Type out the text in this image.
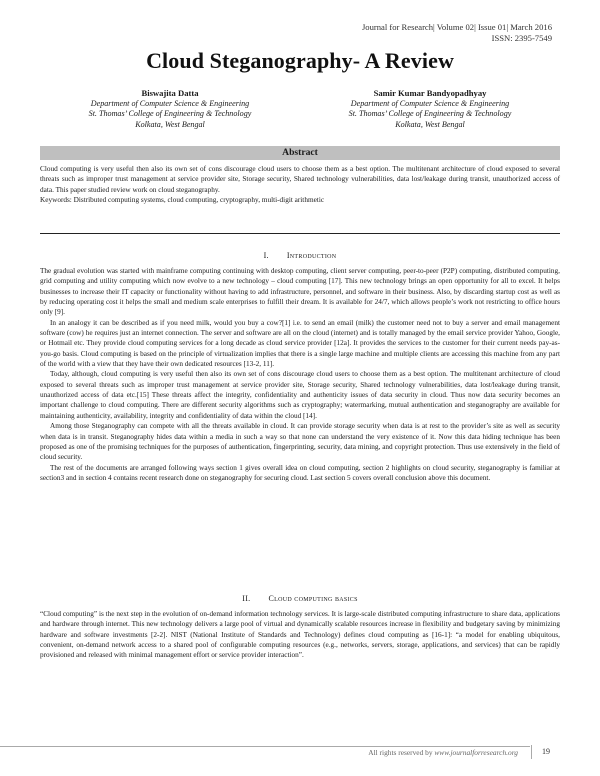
Journal for Research| Volume 02| Issue 01| March 2016
ISSN: 2395-7549
Cloud Steganography- A Review
Biswajita Datta
Department of Computer Science & Engineering
St. Thomas’ College of Engineering & Technology
Kolkata, West Bengal
Samir Kumar Bandyopadhyay
Department of Computer Science & Engineering
St. Thomas’ College of Engineering & Technology
Kolkata, West Bengal
Abstract

Cloud computing is very useful then also its own set of cons discourage cloud users to choose them as a best option. The multitenant architecture of cloud exposed to several threats such as improper trust management at service provider site, Storage security, Shared technology vulnerabilities, data lost/leakage during transit, unauthorized access of data. This paper studied review work on cloud steganography.

Keywords: Distributed computing systems, cloud computing, cryptography, multi-digit arithmetic

I. Introduction

The gradual evolution was started with mainframe computing continuing with desktop computing, client server computing, peer-to-peer (P2P) computing, distributed computing, grid computing and utility computing which now evolve to a new technology – cloud computing [17]. This new technology brings an open opportunity for all to excel. It helps businesses to increase their IT capacity or functionality without having to add infrastructure, personnel, and software in their business. Also, by discarding startup cost as well as by reducing operating cost it helps the small and medium scale enterprises to fulfill their dream. It is available for 24/7, which allows people’s work not restricting to office hours only [9].

In an analogy it can be described as if you need milk, would you buy a cow?[1] i.e. to send an email (milk) the customer need not to buy a server and email management software (cow) he requires just an internet connection. The server and software are all on the cloud (internet) and is totally managed by the email service provider Yahoo, Google, or Hotmail etc. They provide cloud computing services for a long decade as cloud service provider [12a]. It provides the services to the customer for their current needs pay-as-you-go basis. Cloud computing is based on the principle of virtualization implies that there is a single large machine and multiple clients are accessing this machine from any part of the world with a view that they have their own dedicated resources [13-2, 11].

Today, although, cloud computing is very useful then also its own set of cons discourage cloud users to choose them as a best option. The multitenant architecture of cloud exposed to several threats such as improper trust management at service provider site, Storage security, Shared technology vulnerabilities, data lost/leakage during transit, unauthorized access of data etc.[15] These threats affect the integrity, confidentiality and authenticity issues of data security in cloud. Thus now data security becomes an important challenge to cloud computing. There are different security algorithms such as cryptography; watermarking, mutual authentication and steganography are available for maintaining authenticity, availability, integrity and confidentiality of data within the cloud [14].

Among those Steganography can compete with all the threats available in cloud. It can provide storage security when data is at rest to the provider’s site as well as security when data is in transit. Steganography hides data within a media in such a way so that none can understand the very existence of it. Now this data hiding technique has been proposed as one of the promising techniques for the purposes of authentication, fingerprinting, security, data mining, and copyright protection. Thus use extensively in the field of cloud security.

The rest of the documents are arranged following ways section 1 gives overall idea on cloud computing, section 2 highlights on cloud security, steganography is familiar at section3 and in section 4 contains recent research done on steganography for securing cloud. Last section 5 covers overall conclusion above this document.

II. Cloud computing basics

“Cloud computing” is the next step in the evolution of on-demand information technology services. It is large-scale distributed computing infrastructure to share data, applications and hardware through internet. This new technology delivers a large pool of virtual and dynamically scalable resources increase in flexibility and budgetary saving by minimizing hardware and software investments [2-2]. NIST (National Institute of Standards and Technology) defines cloud computing as [16-1]: “a model for enabling ubiquitous, convenient, on-demand network access to a shared pool of configurable computing resources (e.g., networks, servers, storage, applications, and services) that can be rapidly provisioned and released with minimal management effort or service provider interaction”.

All rights reserved by www.journalforresearch.org	19
